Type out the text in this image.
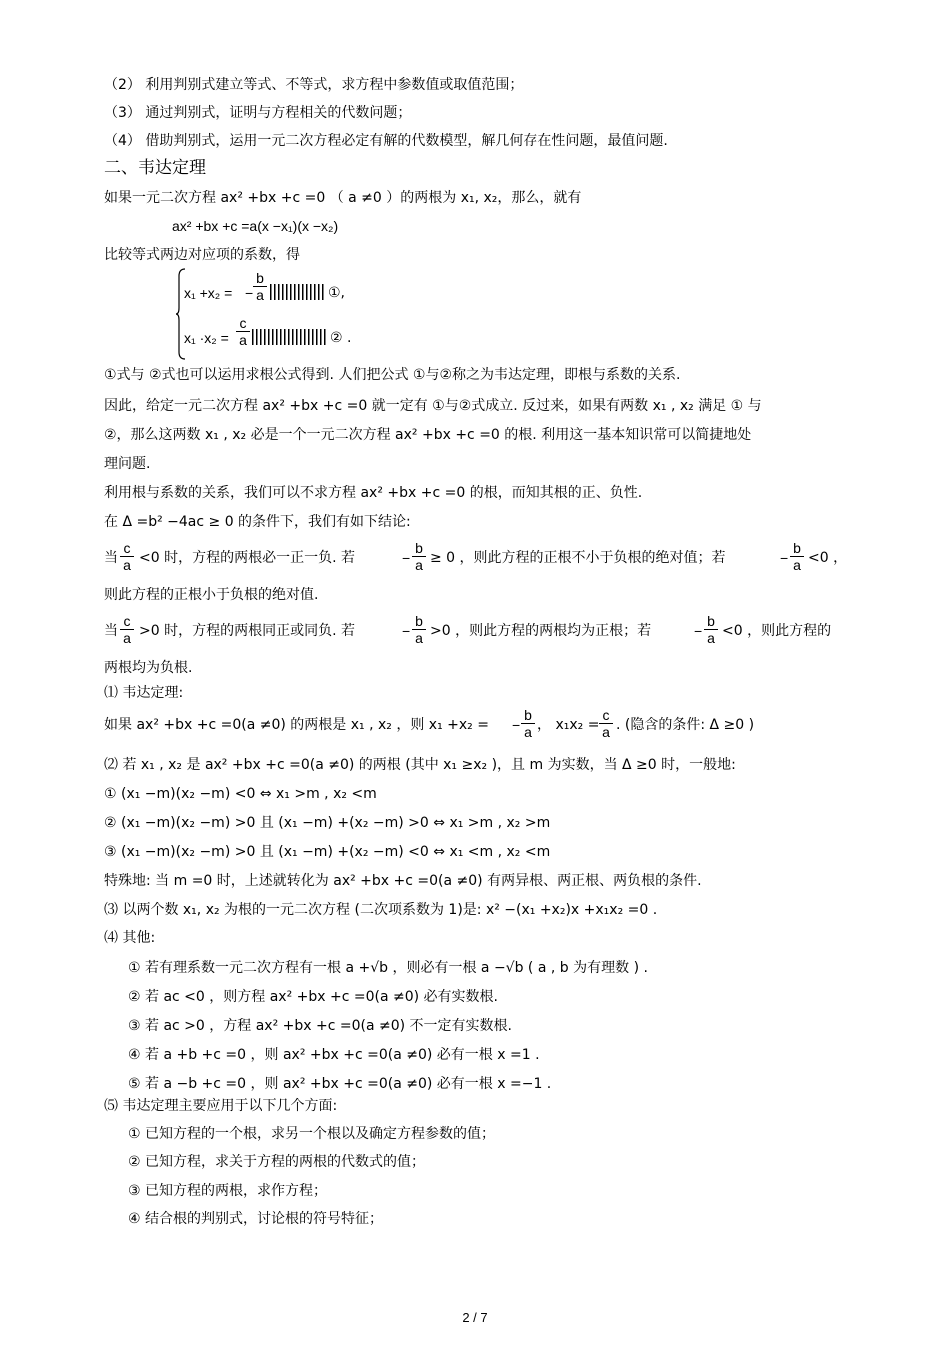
（2） 利用判别式建立等式、不等式，求方程中参数值或取值范围；
（3） 通过判别式，证明与方程相关的代数问题；
（4） 借助判别式，运用一元二次方程必定有解的代数模型，解几何存在性问题，最值问题.
二、韦达定理
如果一元二次方程 ax² +bx +c =0 （ a ≠0 ）的两根为 x₁, x₂，那么，就有
ax² +bx +c =a(x −x₁)(x −x₂)
比较等式两边对应项的系数，得
x₁ +x₂ = − $\frac{b}{a}$	①,
$x_1 \cdot x_2 = \frac{c}{a}$	② .
①式与 ②式也可以运用求根公式得到. 人们把公式 ①与②称之为韦达定理，即根与系数的关系.
因此，给定一元二次方程 ax² +bx +c =0 就一定有 ①与②式成立. 反过来，如果有两数 x₁ , x₂ 满足 ① 与
②，那么这两数 x₁ , x₂ 必是一个一元二次方程 ax² +bx +c =0 的根. 利用这一基本知识常可以简捷地处
理问题.
利用根与系数的关系，我们可以不求方程 ax² +bx +c =0 的根，而知其根的正、负性.
在 Δ =b² −4ac ≥ 0 的条件下，我们有如下结论:
当 $\frac{c}{a} <0$ 时，方程的两根必一正一负. 若	− $\frac{b}{a} \ge 0$ ，则此方程的正根不小于负根的绝对值；若	− $\frac{b}{a} <0$ ，
则此方程的正根小于负根的绝对值.
当 $\frac{c}{a} >0$ 时，方程的两根同正或同负. 若	− $\frac{b}{a} >0$ ，则此方程的两根均为正根；若	− $\frac{b}{a} <0$ ，则此方程的
两根均为负根.
⑴ 韦达定理:
如果 ax² +bx +c =0(a ≠0) 的两根是 x₁ , x₂ ，则 x₁ +x₂ = − $\frac{b}{a}$ ， $x_1x_2 = \frac{c}{a}$ . (隐含的条件: Δ ≥0 )
⑵ 若 x₁ , x₂ 是 ax² +bx +c =0(a ≠0) 的两根 (其中 x₁ ≥x₂ )，且 m 为实数，当 Δ ≥0 时，一般地:
① (x₁ −m)(x₂ −m) <0 ⇔ x₁ >m , x₂ <m
② (x₁ −m)(x₂ −m) >0 且 (x₁ −m) +(x₂ −m) >0 ⇔ x₁ >m , x₂ >m
③ (x₁ −m)(x₂ −m) >0 且 (x₁ −m) +(x₂ −m) <0 ⇔ x₁ <m , x₂ <m
特殊地: 当 m =0 时，上述就转化为 ax² +bx +c =0(a ≠0) 有两异根、两正根、两负根的条件.
⑶ 以两个数 x₁, x₂ 为根的一元二次方程 (二次项系数为 1)是: x² −(x₁ +x₂)x +x₁x₂ =0 .
⑷ 其他:
① 若有理系数一元二次方程有一根 a +√b ，则必有一根 a −√b ( a , b 为有理数 ) .
② 若 ac <0 ，则方程 ax² +bx +c =0(a ≠0) 必有实数根.
③ 若 ac >0 ，方程 ax² +bx +c =0(a ≠0) 不一定有实数根.
④ 若 a +b +c =0 ，则 ax² +bx +c =0(a ≠0) 必有一根 x =1 .
⑤ 若 a −b +c =0 ，则 ax² +bx +c =0(a ≠0) 必有一根 x =−1 .
⑸ 韦达定理主要应用于以下几个方面:
① 已知方程的一个根，求另一个根以及确定方程参数的值；
② 已知方程，求关于方程的两根的代数式的值；
③ 已知方程的两根，求作方程；
④ 结合根的判别式，讨论根的符号特征；
2 / 7
